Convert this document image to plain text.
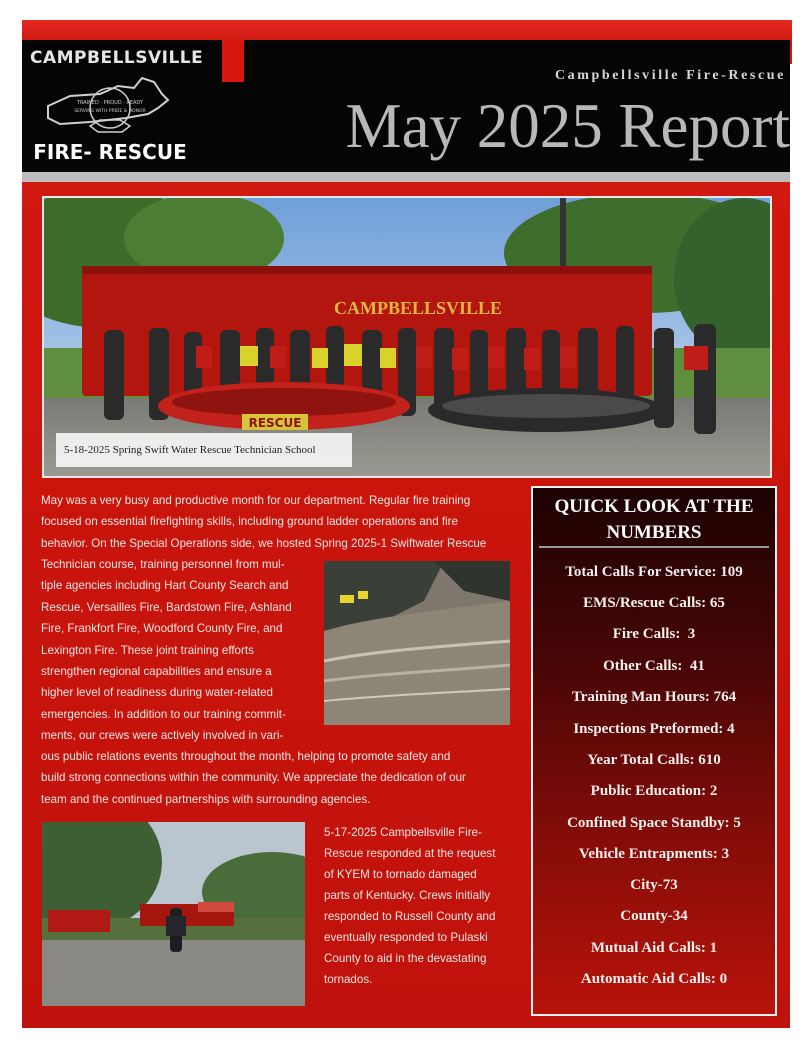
TRAINED · PROUD · READY
SERVING WITH PRIDE & HONOR
CAMPBELLSVILLE
FIRE- RESCUE
Campbellsville Fire-Rescue
May 2025 Report
CAMPBELLSVILLE
RESCUE
5-18-2025 Spring Swift Water Rescue Technician School
May was a very busy and productive month for our department. Regular fire training
focused on essential firefighting skills, including ground ladder operations and fire
behavior. On the Special Operations side, we hosted Spring 2025-1 Swiftwater Rescue
Technician course, training personnel from mul-
tiple agencies including Hart County Search and
Rescue, Versailles Fire, Bardstown Fire, Ashland
Fire, Frankfort Fire, Woodford County Fire, and
Lexington Fire. These joint training efforts
strengthen regional capabilities and ensure a
higher level of readiness during water-related
emergencies. In addition to our training commit-
ments, our crews were actively involved in vari-
ous public relations events throughout the month, helping to promote safety and
build strong connections within the community. We appreciate the dedication of our
team and the continued partnerships with surrounding agencies.
5-17-2025 Campbellsville Fire-
Rescue responded at the request
of KYEM to tornado damaged
parts of Kentucky. Crews initially
responded to Russell County and
eventually responded to Pulaski
County to aid in the devastating
tornados.
QUICK LOOK AT THE
NUMBERS
Total Calls For Service: 109
EMS/Rescue Calls: 65
Fire Calls:  3
Other Calls:  41
Training Man Hours: 764
Inspections Preformed: 4
Year Total Calls: 610
Public Education: 2
Confined Space Standby: 5
Vehicle Entrapments: 3
City-73
County-34
Mutual Aid Calls: 1
Automatic Aid Calls: 0
